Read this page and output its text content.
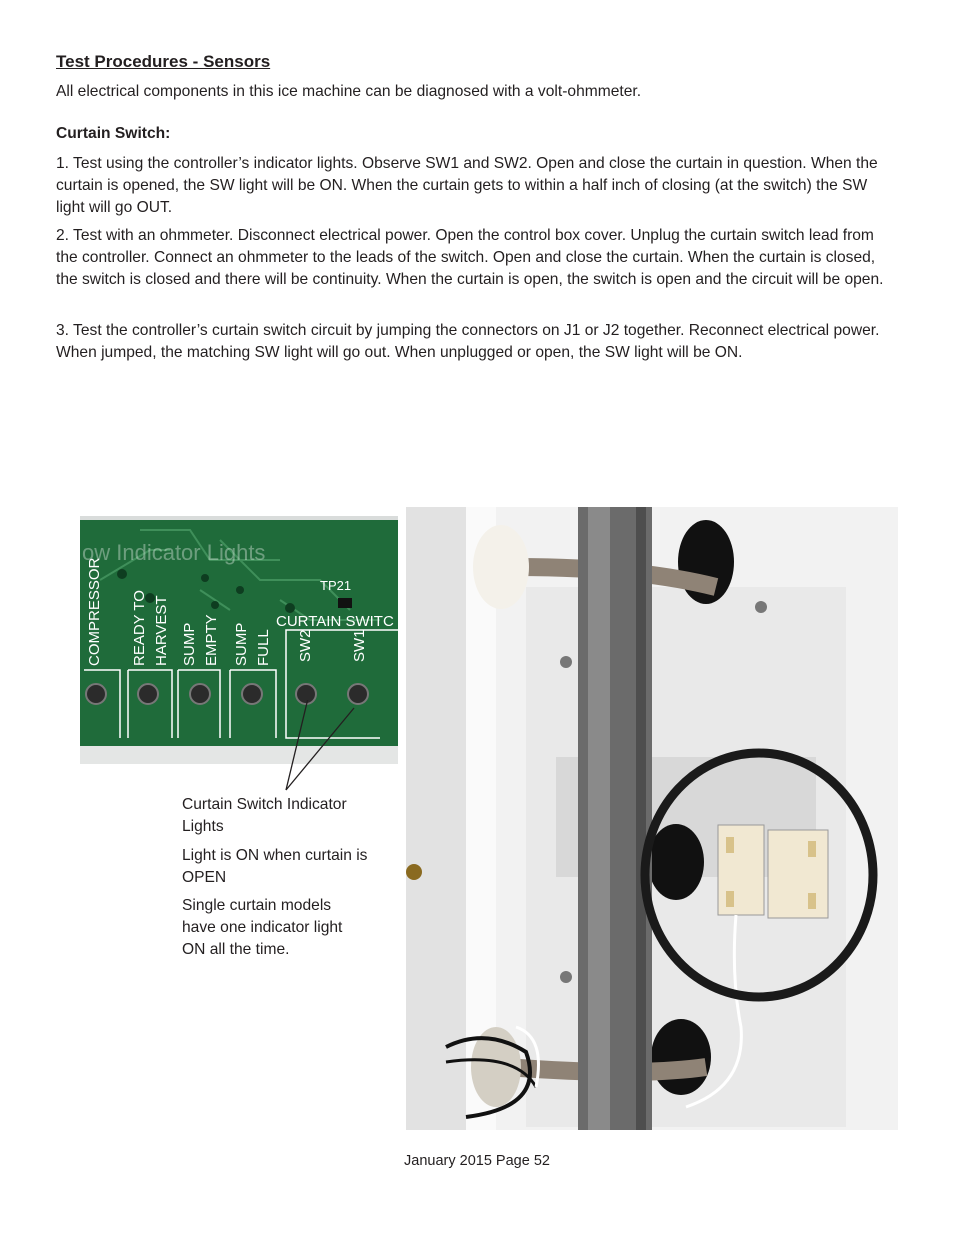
Test Procedures - Sensors
All electrical components in this ice machine can be diagnosed with a volt-ohmmeter.
Curtain Switch:
1. Test using the controller’s indicator lights. Observe SW1 and SW2. Open and close the curtain in question. When the curtain is opened, the SW light will be ON. When the curtain gets to within a half inch of closing (at the switch) the SW light will go OUT.
2. Test with an ohmmeter. Disconnect electrical power. Open the control box cover. Unplug the curtain switch lead from the controller. Connect an ohmmeter to the leads of the switch. Open and close the curtain. When the curtain is closed, the switch is closed and there will be continuity. When the curtain is open, the switch is open and the circuit will be open.
3. Test the controller’s curtain switch circuit by jumping the connectors on J1 or J2 together. Reconnect electrical power. When jumped, the matching SW light will go out. When unplugged or open, the SW light will be ON.
ow Indicator Lights
TP21
CURTAIN SWITC
COMPRESSOR READY TO HARVEST SUMP EMPTY SUMP FULL SW2 SW1
Curtain Switch Indicator Lights
Light is ON when curtain is OPEN
Single curtain models have one indicator light ON all the time.
January 2015 Page 52
